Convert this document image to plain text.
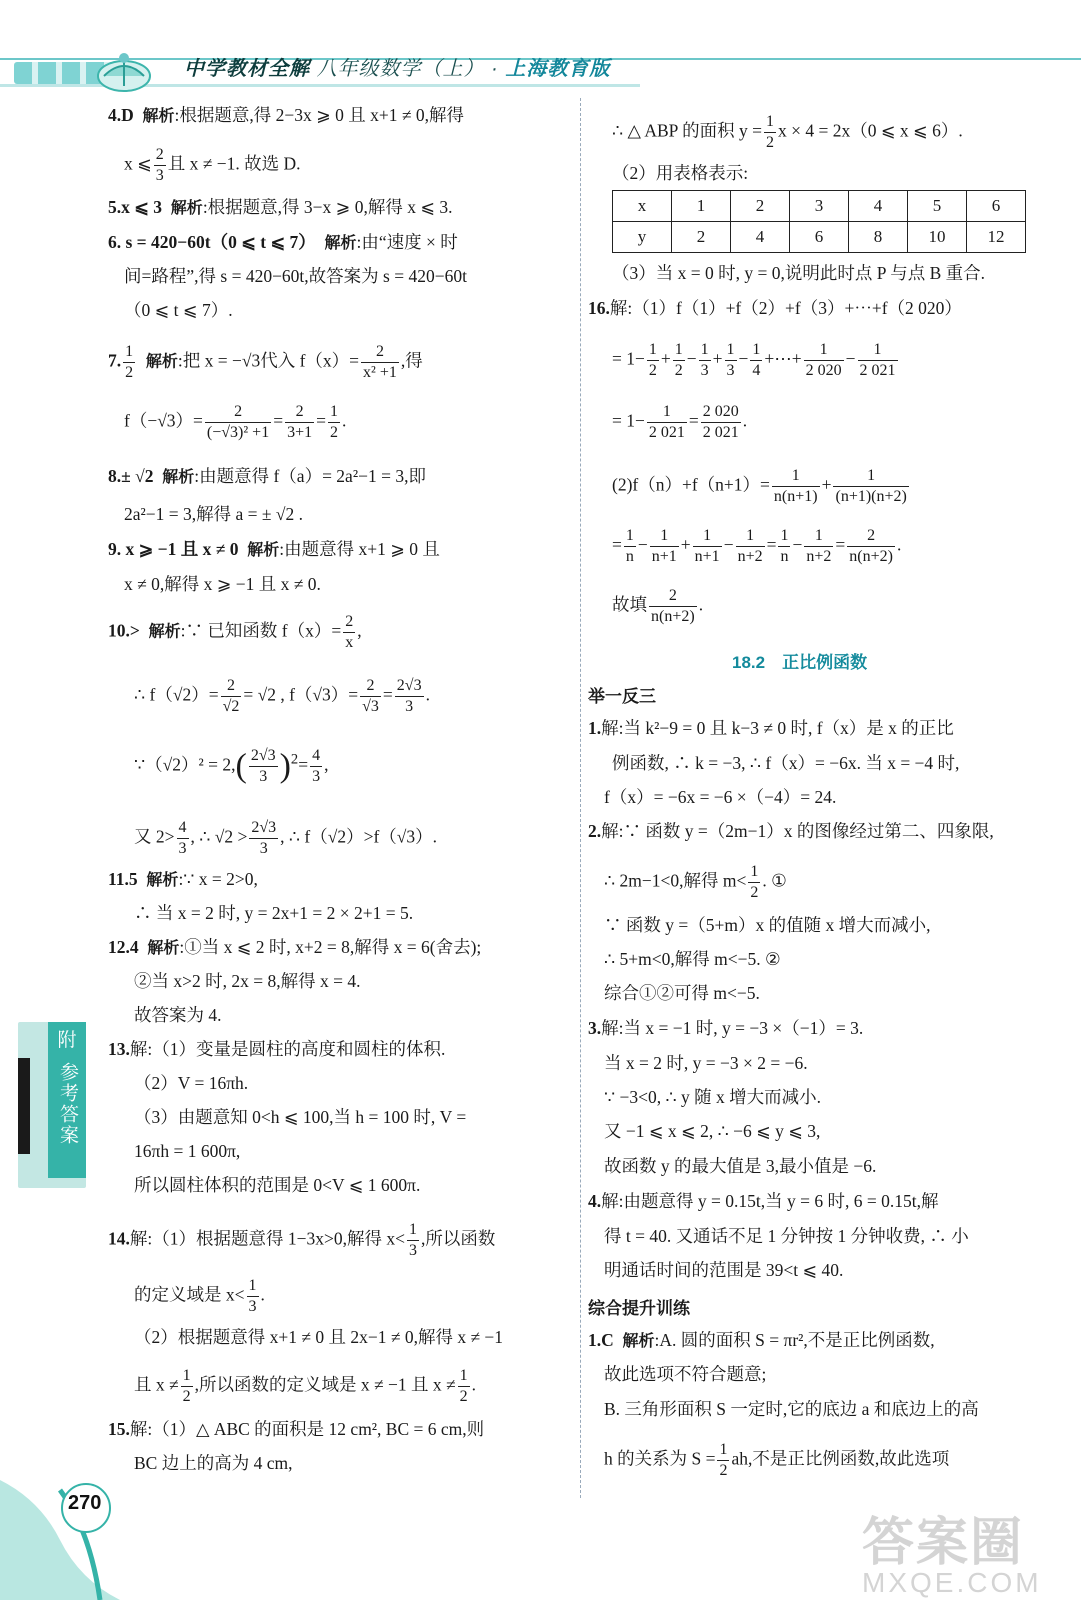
中学教材全解 八年级数学（上） · 上海教育版
4.D 解析:根据题意,得 2−3x ⩾ 0 且 x+1 ≠ 0,解得
x ⩽ $\frac{2}{3}$ 且 x ≠ −1. 故选 D.
5.x ⩽ 3 解析:根据题意,得 3−x ⩾ 0,解得 x ⩽ 3.
6. s = 420−60t（0 ⩽ t ⩽ 7） 解析:由“速度 × 时
间=路程”,得 s = 420−60t,故答案为 s = 420−60t
（0 ⩽ t ⩽ 7）.
7. $\frac{1}{2}$ 解析:把 x = −√3代入 $f(x)= \frac{2}{\text{x² +1}}$ ,得
$f(-√3)= \frac{2}{\text{(−√3)² +1}} = \frac{2}{3+1} = \frac{1}{2}$ .
8.± √2 解析:由题意得 f（a）= 2a²−1 = 3,即
2a²−1 = 3,解得 a = ± √2 .
9. x ⩾ −1 且 x ≠ 0 解析:由题意得 x+1 ⩾ 0 且
x ≠ 0,解得 x ⩾ −1 且 x ≠ 0.
10.> 解析:∵ 已知函数 $f(x)= \frac{2}{x}$ ,
∴ $f(√2)= \frac{2}{√2} = √2$ , $f(√3)= \frac{2}{√3} = \frac{2√3}{3}$ .
∵（√2）² = $2,( \frac{2√3}{3} )^2= \frac{4}{3}$ ,
又 $2> \frac{4}{3}$ , ∴ $√2 > \frac{2√3}{3}$ , ∴ f（√2）>f（√3）.
11.5 解析:∵ x = 2>0,
∴ 当 x = 2 时, y = 2x+1 = 2 × 2+1 = 5.
12.4 解析:①当 x ⩽ 2 时, x+2 = 8,解得 x = 6(舍去);
②当 x>2 时, 2x = 8,解得 x = 4.
故答案为 4.
13.解:（1）变量是圆柱的高度和圆柱的体积.
（2）V = 16πh.
（3）由题意知 0<h ⩽ 100,当 h = 100 时, V =
16πh = 1 600π,
所以圆柱体积的范围是 0<V ⩽ 1 600π.
14.解:（1）根据题意得 1−3x>0,解得 $x< \frac{1}{3}$ ,所以函数
的定义域是 $x< \frac{1}{3}$ .
（2）根据题意得 x+1 ≠ 0 且 2x−1 ≠ 0,解得 x ≠ −1
且 $x \ne \frac{1}{2}$ ,所以函数的定义域是 x ≠ −1 且 $x \ne \frac{1}{2}$ .
15.解:（1）△ ABC 的面积是 12 cm², BC = 6 cm,则
BC 边上的高为 4 cm,
∴ △ ABP 的面积 $y = \frac{1}{2}$ x × 4 = 2x（0 ⩽ x ⩽ 6）.
（2）用表格表示:
x	1	2	3	4	5	6
y	2	4	6	8	10	12
（3）当 x = 0 时, y = 0,说明此时点 P 与点 B 重合.
16.解:（1）f（1）+f（2）+f（3）+⋯+f（2 020）
= $1- \frac{1}{2} + \frac{1}{2} - \frac{1}{3} + \frac{1}{3} - \frac{1}{4}$ +⋯+ $\frac{1}{2 020} - \frac{1}{2 021}$
= $1- \frac{1}{2 021} = \frac{2 020}{2 021}$ .
$(2)f(n)+f(n+1)= \frac{1}{n(n+1)} + \frac{1}{(n+1)(n+2)}$
= $\frac{1}{n} - \frac{1}{n+1} + \frac{1}{n+1} - \frac{1}{n+2} = \frac{1}{n} - \frac{1}{n+2} = \frac{2}{n(n+2)}$ .
故填 $\frac{2}{n(n+2)}$ .
18.2　正比例函数
举一反三
1.解:当 k²−9 = 0 且 k−3 ≠ 0 时, f（x）是 x 的正比
例函数, ∴ k = −3, ∴ f（x）= −6x. 当 x = −4 时,
f（x）= −6x = −6 ×（−4）= 24.
2.解:∵ 函数 y =（2m−1）x 的图像经过第二、四象限,
∴ 2m−1<0,解得 $m< \frac{1}{2}$ . ①
∵ 函数 y =（5+m）x 的值随 x 增大而减小,
∴ 5+m<0,解得 m<−5. ②
综合①②可得 m<−5.
3.解:当 x = −1 时, y = −3 ×（−1）= 3.
当 x = 2 时, y = −3 × 2 = −6.
∵ −3<0, ∴ y 随 x 增大而减小.
又 −1 ⩽ x ⩽ 2, ∴ −6 ⩽ y ⩽ 3,
故函数 y 的最大值是 3,最小值是 −6.
4.解:由题意得 y = 0.15t,当 y = 6 时, 6 = 0.15t,解
得 t = 40. 又通话不足 1 分钟按 1 分钟收费, ∴ 小
明通话时间的范围是 39<t ⩽ 40.
综合提升训练
1.C 解析:A. 圆的面积 S = πr²,不是正比例函数,
故此选项不符合题意;
B. 三角形面积 S 一定时,它的底边 a 和底边上的高
h 的关系为 $S = \frac{1}{2}$ ah,不是正比例函数,故此选项
附
参考答案
270
答案圈
MXQE.COM
